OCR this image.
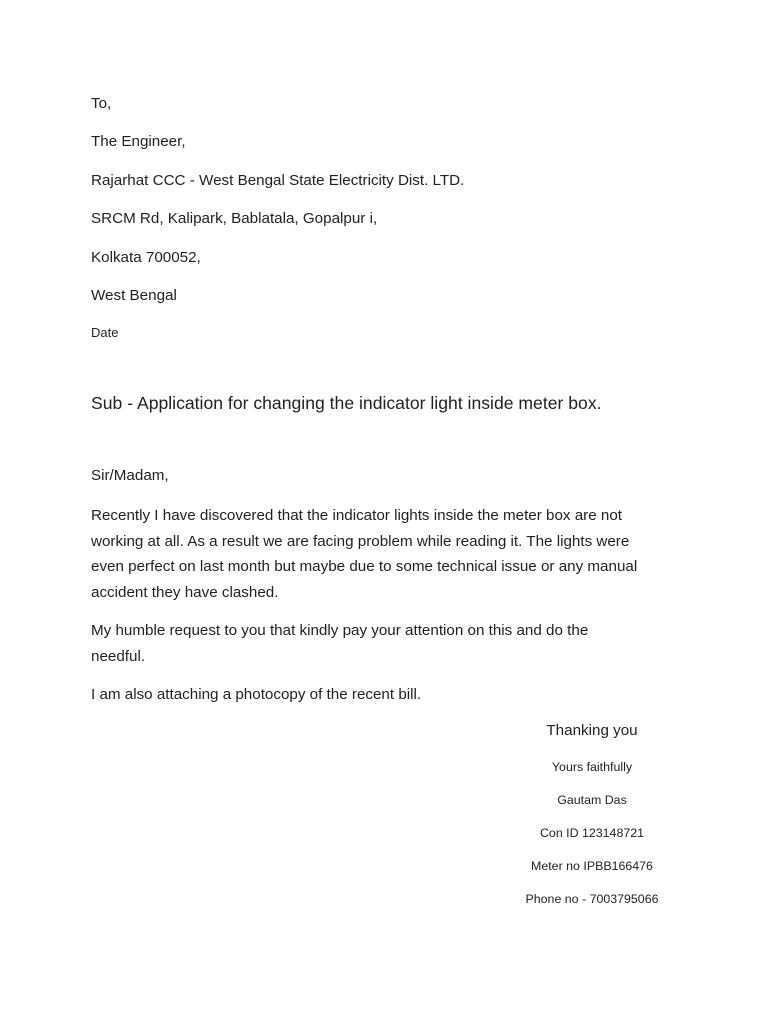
To,
The Engineer,
Rajarhat CCC - West Bengal State Electricity Dist. LTD.
SRCM Rd, Kalipark, Bablatala, Gopalpur i,
Kolkata 700052,
West Bengal
Date
Sub - Application for changing the indicator light inside meter box.
Sir/Madam,
Recently I have discovered that the indicator lights inside the meter box are not
working at all. As a result we are facing problem while reading it. The lights were
even perfect on last month but maybe due to some technical issue or any manual
accident they have clashed.
My humble request to you that kindly pay your attention on this and do the
needful.
I am also attaching a photocopy of the recent bill.
Thanking you
Yours faithfully
Gautam Das
Con ID 123148721
Meter no IPBB166476
Phone no - 7003795066
